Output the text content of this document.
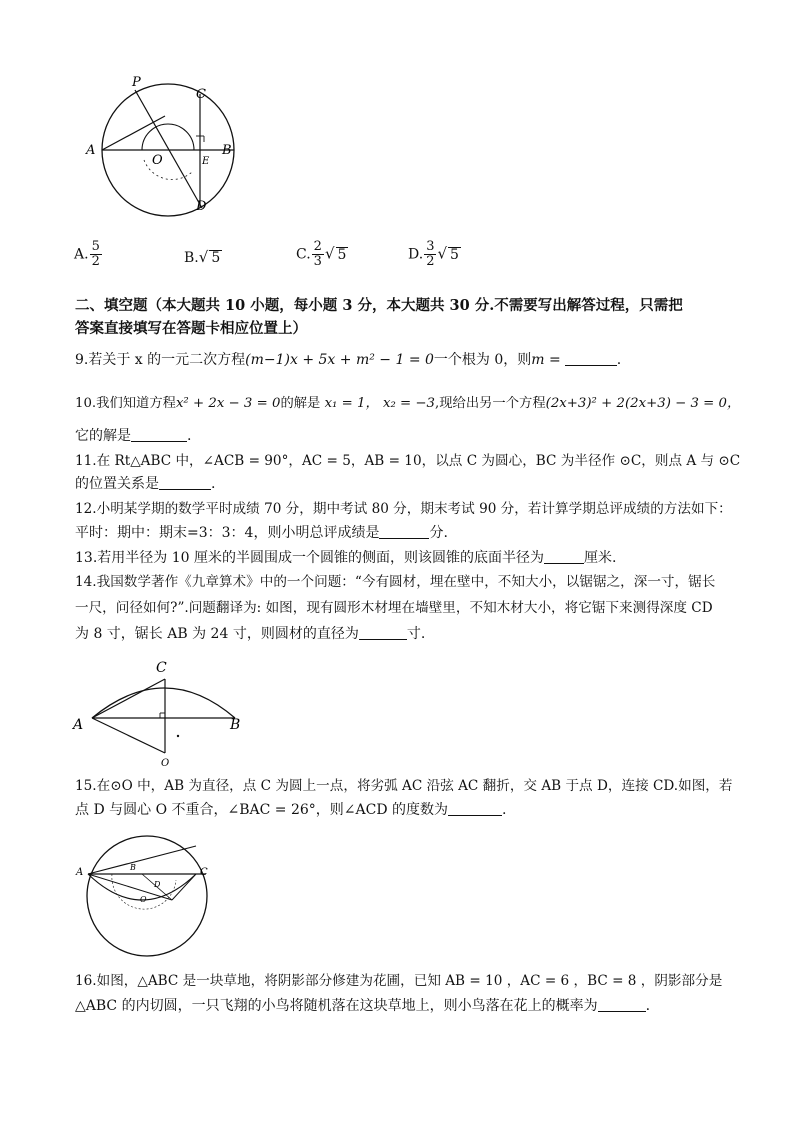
P
C
A
O	E
B
D
A. $\frac{5}{2}$	B.√ 5	C. $\frac{2}{3}$ √ 5	D. $\frac{3}{2}$ √ 5
二、填空题（本大题共 10 小题，每小题 3 分，本大题共 30 分.不需要写出解答过程，只需把
答案直接填写在答题卡相应位置上）
9.若关于 x 的一元二次方程(m−1)x + 5x + m² − 1 = 0一个根为 0，则m =	.
10.我们知道方程x² + 2x − 3 = 0的解是 x₁ = 1， x₂ = −3,现给出另一个方程(2x+3)² + 2(2x+3) − 3 = 0，
它的解是	.
11.在 Rt△ABC 中，∠ACB = 90°，AC = 5，AB = 10，以点 C 为圆心，BC 为半径作 ⊙C，则点 A 与 ⊙C
的位置关系是	.
12.小明某学期的数学平时成绩 70 分，期中考试 80 分，期末考试 90 分，若计算学期总评成绩的方法如下：
平时：期中：期末=3：3：4，则小明总评成绩是	分.
13.若用半径为 10 厘米的半圆围成一个圆锥的侧面，则该圆锥的底面半径为	厘米.
14.我国数学著作《九章算术》中的一个问题：“今有圆材，埋在壁中，不知大小，以锯锯之，深一寸，锯长
一尺，问径如何?”.问题翻译为: 如图，现有圆形木材埋在墙壁里，不知木材大小，将它锯下来测得深度 CD
为 8 寸，锯长 AB 为 24 寸，则圆材的直径为	寸.
C
A	B
O
15.在⊙O 中，AB 为直径，点 C 为圆上一点，将劣弧 AC 沿弦 AC 翻折，交 AB 于点 D，连接 CD.如图，若
点 D 与圆心 O 不重合，∠BAC = 26°，则∠ACD 的度数为	.
A	C
B
D
O
16.如图，△ABC 是一块草地，将阴影部分修建为花圃，已知 AB = 10 ，AC = 6 ，BC = 8 ，阴影部分是
△ABC 的内切圆，一只飞翔的小鸟将随机落在这块草地上，则小鸟落在花上的概率为	.
